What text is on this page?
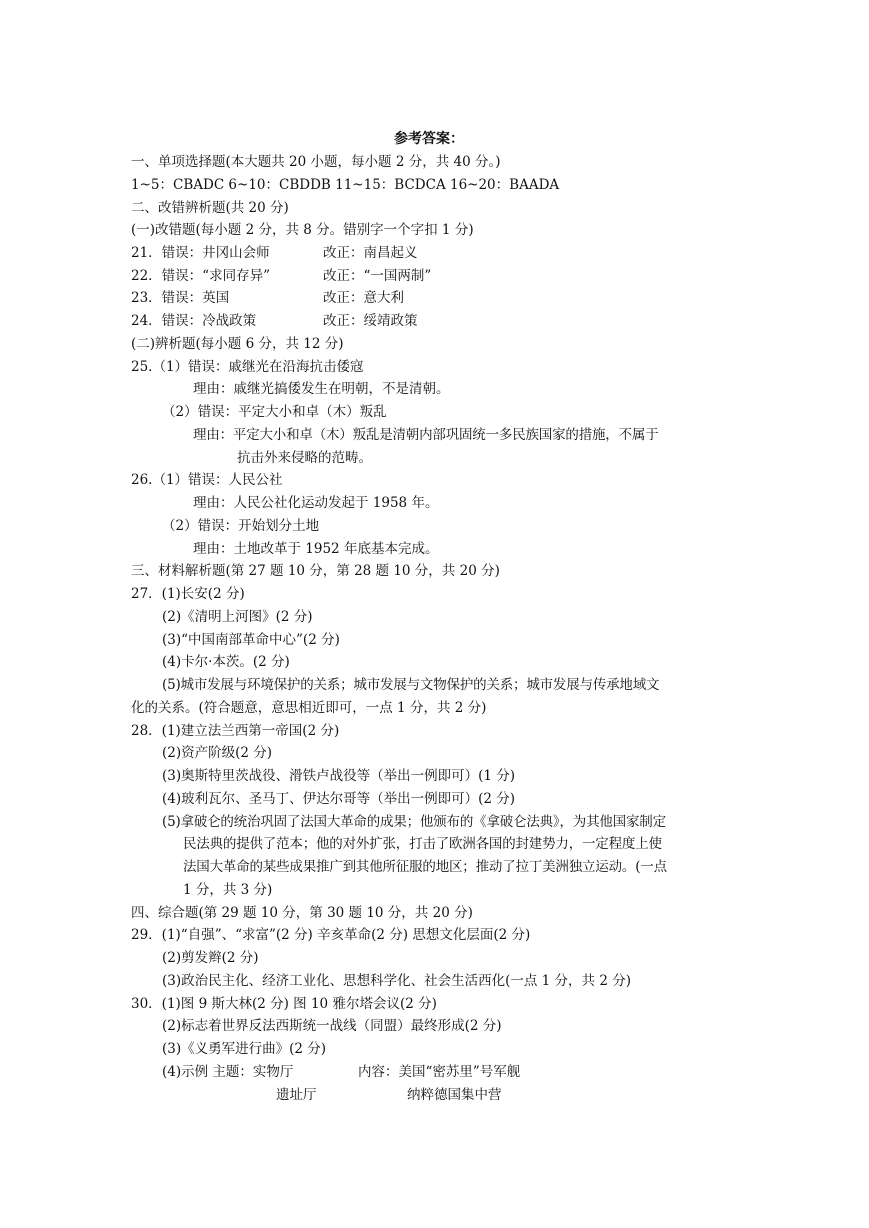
参考答案：
一、单项选择题(本大题共 20 小题，每小题 2 分，共 40 分。)
1~5：CBADC 6~10：CBDDB 11~15：BCDCA 16~20：BAADA
二、改错辨析题(共 20 分)
(一)改错题(每小题 2 分，共 8 分。错别字一个字扣 1 分)
21．错误：井冈山会师	改正：南昌起义
22．错误：“求同存异”	改正：“一国两制”
23．错误：英国	改正：意大利
24．错误：冷战政策	改正：绥靖政策
(二)辨析题(每小题 6 分，共 12 分)
25.（1）错误：戚继光在沿海抗击倭寇
理由：戚继光搞倭发生在明朝，不是清朝。
（2）错误：平定大小和卓（木）叛乱
理由：平定大小和卓（木）叛乱是清朝内部巩固统一多民族国家的措施，不属于
抗击外来侵略的范畴。
26.（1）错误：人民公社
理由：人民公社化运动发起于 1958 年。
（2）错误：开始划分土地
理由：土地改革于 1952 年底基本完成。
三、材料解析题(第 27 题 10 分，第 28 题 10 分，共 20 分)
27．(1)长安(2 分)
(2)《清明上河图》(2 分)
(3)“中国南部革命中心”(2 分)
(4)卡尔·本茨。(2 分)
(5)城市发展与环境保护的关系；城市发展与文物保护的关系；城市发展与传承地域文
化的关系。(符合题意，意思相近即可，一点 1 分，共 2 分)
28．(1)建立法兰西第一帝国(2 分)
(2)资产阶级(2 分)
(3)奥斯特里茨战役、滑铁卢战役等（举出一例即可）(1 分)
(4)玻利瓦尔、圣马丁、伊达尔哥等（举出一例即可）(2 分)
(5)拿破仑的统治巩固了法国大革命的成果；他颁布的《拿破仑法典》，为其他国家制定
民法典的提供了范本；他的对外扩张，打击了欧洲各国的封建势力，一定程度上使
法国大革命的某些成果推广到其他所征服的地区；推动了拉丁美洲独立运动。(一点
1 分，共 3 分)
四、综合题(第 29 题 10 分，第 30 题 10 分，共 20 分)
29．(1)“自强”、“求富”(2 分) 辛亥革命(2 分) 思想文化层面(2 分)
(2)剪发辫(2 分)
(3)政治民主化、经济工业化、思想科学化、社会生活西化(一点 1 分，共 2 分)
30．(1)图 9 斯大林(2 分) 图 10 雅尔塔会议(2 分)
(2)标志着世界反法西斯统一战线（同盟）最终形成(2 分)
(3)《义勇军进行曲》(2 分)
(4)示例 主题：实物厅	内容：美国“密苏里”号军舰
遗址厅	纳粹德国集中营
